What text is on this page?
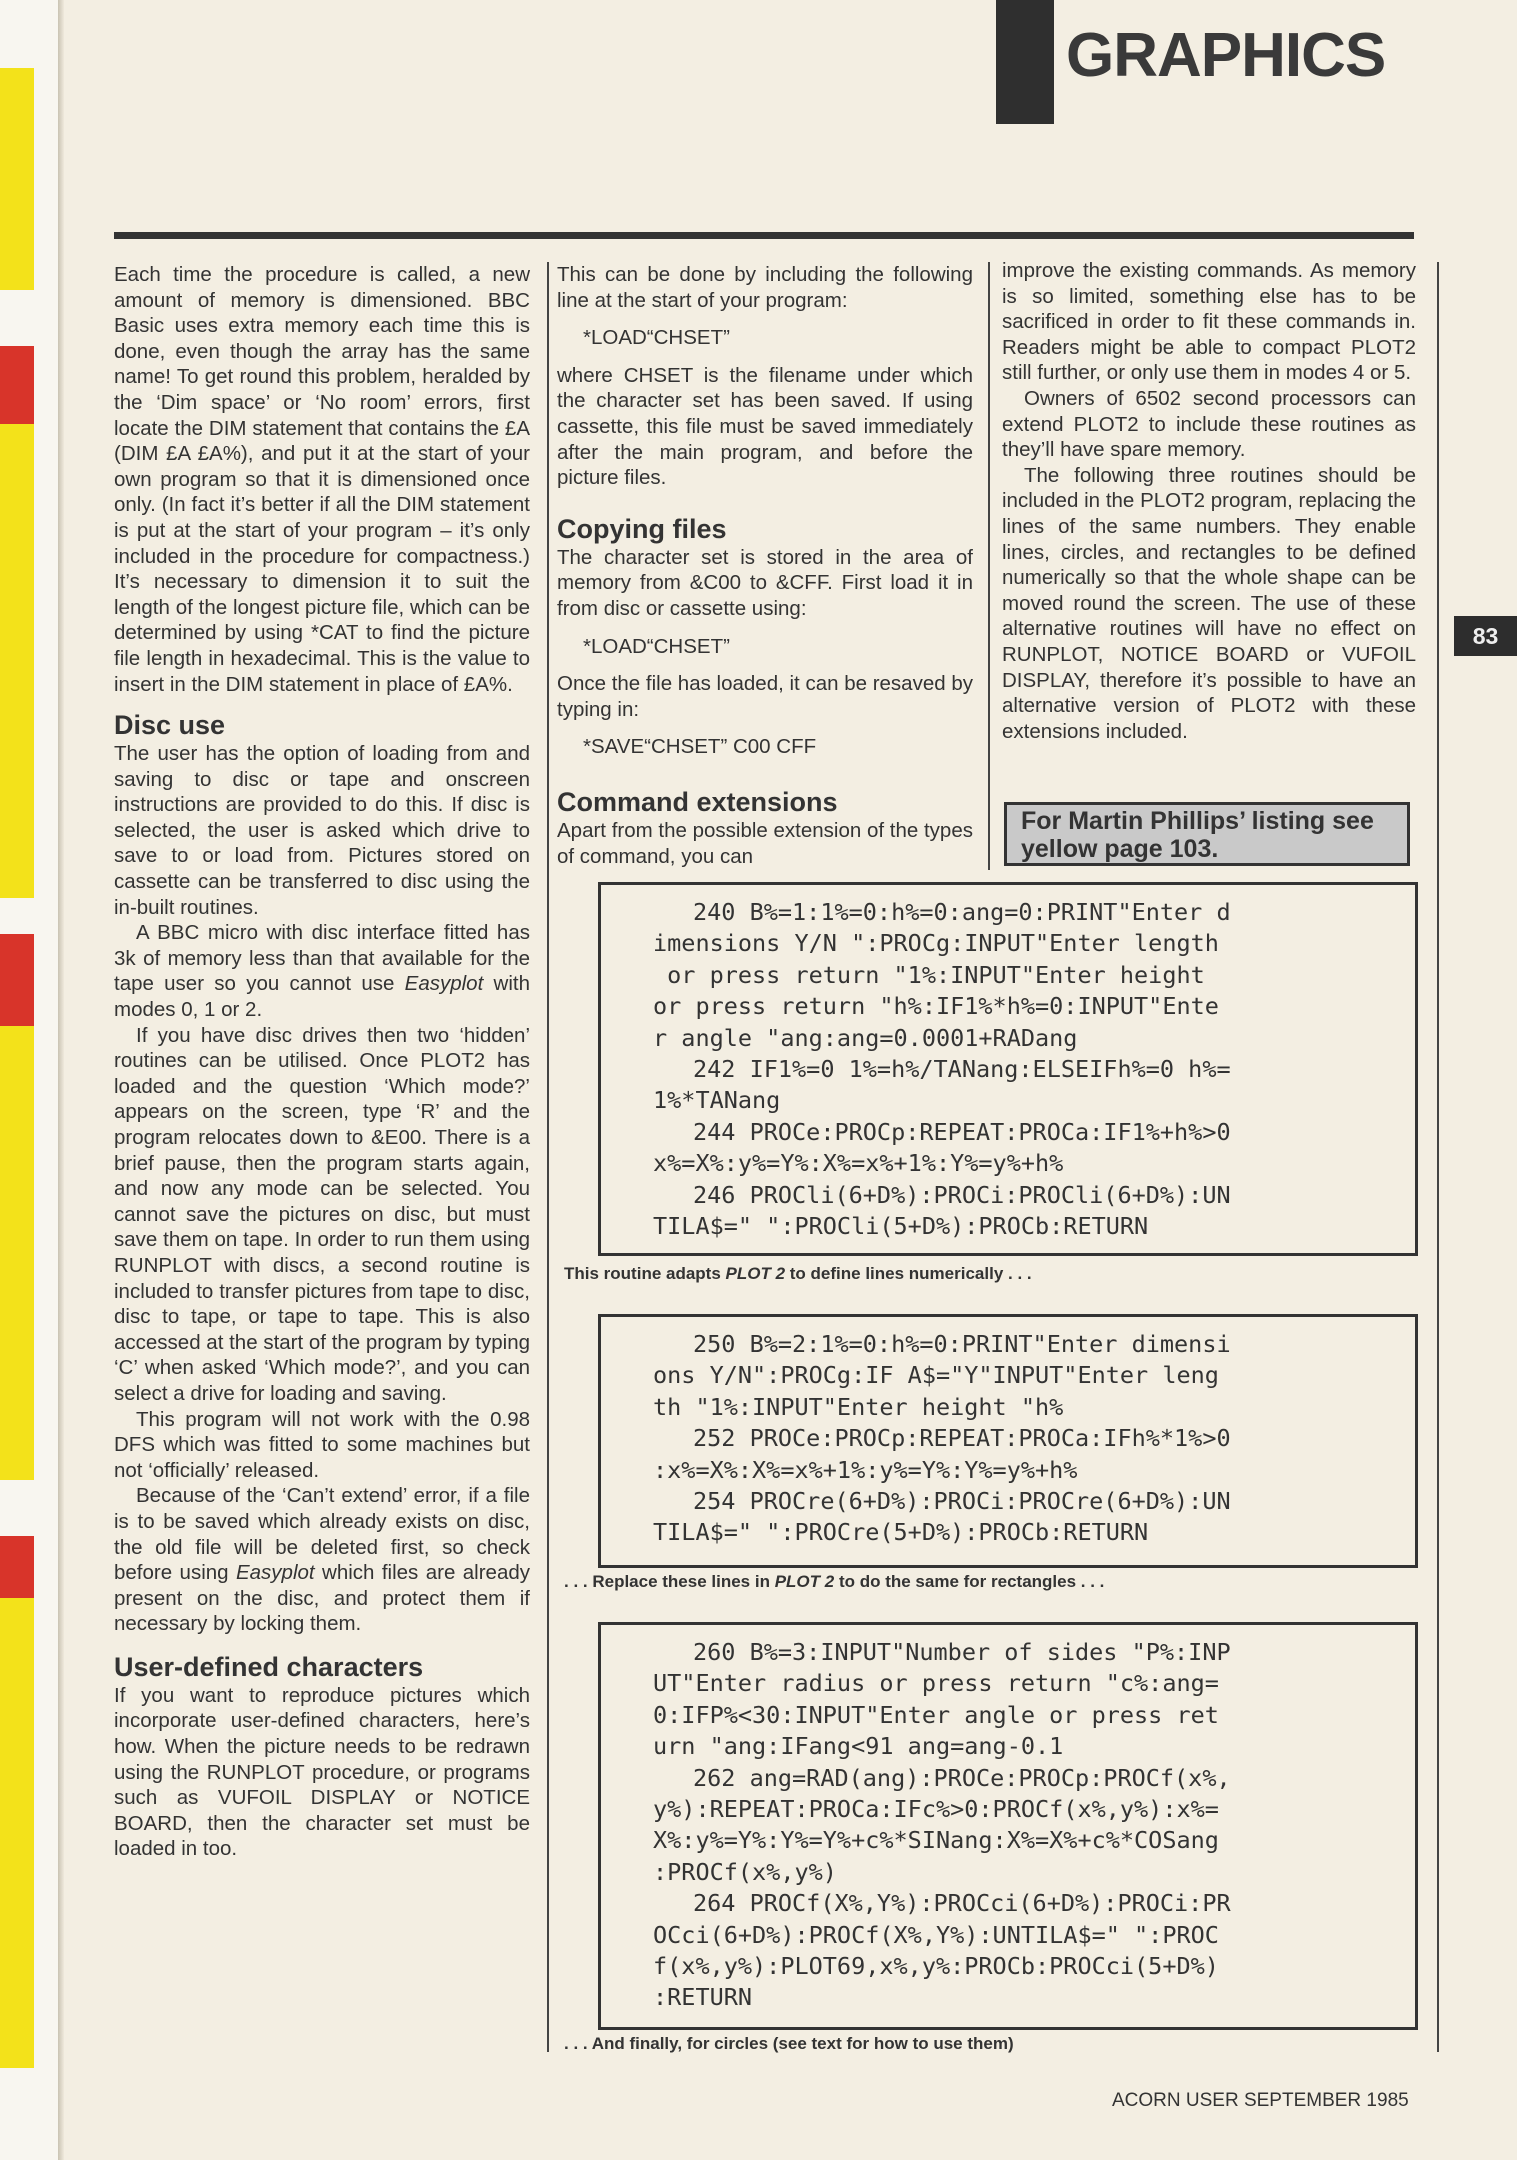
GRAPHICS
83

Each time the procedure is called, a new amount of memory is dimensioned. BBC Basic uses extra memory each time this is done, even though the array has the same name! To get round this problem, heralded by the ‘Dim space’ or ‘No room’ errors, first locate the DIM statement that contains the £A (DIM £A £A%), and put it at the start of your own program so that it is dimensioned once only. (In fact it’s better if all the DIM statement is put at the start of your program – it’s only included in the procedure for compactness.) It’s necessary to dimension it to suit the length of the longest picture file, which can be determined by using *CAT to find the picture file length in hexadecimal. This is the value to insert in the DIM statement in place of £A%.

Disc use

The user has the option of loading from and saving to disc or tape and onscreen instructions are provided to do this. If disc is selected, the user is asked which drive to save to or load from. Pictures stored on cassette can be transferred to disc using the in-built routines.

A BBC micro with disc interface fitted has 3k of memory less than that available for the tape user so you cannot use Easyplot with modes 0, 1 or 2.

If you have disc drives then two ‘hidden’ routines can be utilised. Once PLOT2 has loaded and the question ‘Which mode?’ appears on the screen, type ‘R’ and the program relocates down to &E00. There is a brief pause, then the program starts again, and now any mode can be selected. You cannot save the pictures on disc, but must save them on tape. In order to run them using RUNPLOT with discs, a second routine is included to transfer pictures from tape to disc, disc to tape, or tape to tape. This is also accessed at the start of the program by typing ‘C’ when asked ‘Which mode?’, and you can select a drive for loading and saving.

This program will not work with the 0.98 DFS which was fitted to some machines but not ‘officially’ released.

Because of the ‘Can’t extend’ error, if a file is to be saved which already exists on disc, the old file will be deleted first, so check before using Easyplot which files are already present on the disc, and protect them if necessary by locking them.

User-defined characters

If you want to reproduce pictures which incorporate user-defined characters, here’s how. When the picture needs to be redrawn using the RUNPLOT procedure, or programs such as VUFOIL DISPLAY or NOTICE BOARD, then the character set must be loaded in too.

This can be done by including the following line at the start of your program:

*LOAD“CHSET”

where CHSET is the filename under which the character set has been saved. If using cassette, this file must be saved immediately after the main program, and before the picture files.

Copying files

The character set is stored in the area of memory from &C00 to &CFF. First load it in from disc or cassette using:

*LOAD“CHSET”

Once the file has loaded, it can be resaved by typing in:

*SAVE“CHSET” C00 CFF

Command extensions

Apart from the possible extension of the types of command, you can

improve the existing commands. As memory is so limited, something else has to be sacrificed in order to fit these commands in. Readers might be able to compact PLOT2 still further, or only use them in modes 4 or 5.

Owners of 6502 second processors can extend PLOT2 to include these routines as they’ll have spare memory.

The following three routines should be included in the PLOT2 program, replacing the lines of the same numbers. They enable lines, circles, and rectangles to be defined numerically so that the whole shape can be moved round the screen. The use of these alternative routines will have no effect on RUNPLOT, NOTICE BOARD or VUFOIL DISPLAY, therefore it’s possible to have an alternative version of PLOT2 with these extensions included.

For Martin Phillips’ listing see yellow page 103.
240 B%=1:1%=0:h%=0:ang=0:PRINT"Enter d
imensions Y/N ":PROCg:INPUT"Enter length
or press return "1%:INPUT"Enter height
or press return "h%:IF1%*h%=0:INPUT"Ente
r angle "ang:ang=0.0001+RADang
242 IF1%=0 1%=h%/TANang:ELSEIFh%=0 h%=
1%*TANang
244 PROCe:PROCp:REPEAT:PROCa:IF1%+h%>0
x%=X%:y%=Y%:X%=x%+1%:Y%=y%+h%
246 PROCli(6+D%):PROCi:PROCli(6+D%):UN
TILA$=" ":PROCli(5+D%):PROCb:RETURN
This routine adapts PLOT 2 to define lines numerically . . .
250 B%=2:1%=0:h%=0:PRINT"Enter dimensi
ons Y/N":PROCg:IF A$="Y"INPUT"Enter leng
th "1%:INPUT"Enter height "h%
252 PROCe:PROCp:REPEAT:PROCa:IFh%*1%>0
:x%=X%:X%=x%+1%:y%=Y%:Y%=y%+h%
254 PROCre(6+D%):PROCi:PROCre(6+D%):UN
TILA$=" ":PROCre(5+D%):PROCb:RETURN
. . . Replace these lines in PLOT 2 to do the same for rectangles . . .
260 B%=3:INPUT"Number of sides "P%:INP
UT"Enter radius or press return "c%:ang=
0:IFP%<30:INPUT"Enter angle or press ret
urn "ang:IFang<91 ang=ang-0.1
262 ang=RAD(ang):PROCe:PROCp:PROCf(x%,
y%):REPEAT:PROCa:IFc%>0:PROCf(x%,y%):x%=
X%:y%=Y%:Y%=Y%+c%*SINang:X%=X%+c%*COSang
:PROCf(x%,y%)
264 PROCf(X%,Y%):PROCci(6+D%):PROCi:PR
OCci(6+D%):PROCf(X%,Y%):UNTILA$=" ":PROC
f(x%,y%):PLOT69,x%,y%:PROCb:PROCci(5+D%)
:RETURN
. . . And finally, for circles (see text for how to use them)
ACORN USER SEPTEMBER 1985
